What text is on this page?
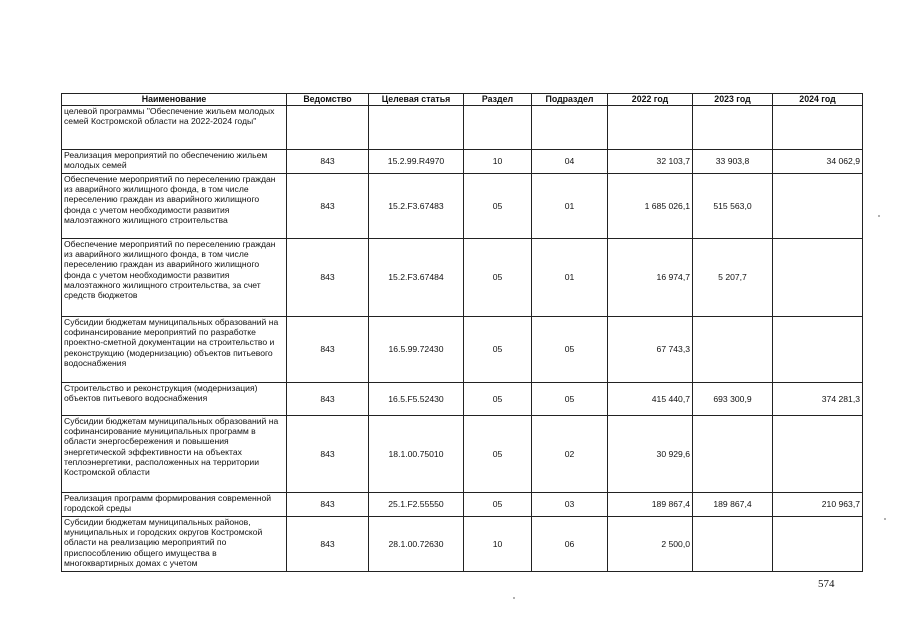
Наименование	Ведомство	Целевая статья	Раздел	Подраздел	2022 год	2023 год	2024 год
целевой программы "Обеспечение жильем молодых семей Костромской области на 2022-2024 годы"							
Реализация мероприятий по обеспечению жильем молодых семей	843	15.2.99.R4970	10	04	32 103,7	33 903,8	34 062,9
Обеспечение мероприятий по переселению граждан из аварийного жилищного фонда, в том числе переселению граждан из аварийного жилищного фонда с учетом необходимости развития малоэтажного жилищного строительства	843	15.2.F3.67483	05	01	1 685 026,1	515 563,0	
Обеспечение мероприятий по переселению граждан из аварийного жилищного фонда, в том числе переселению граждан из аварийного жилищного фонда с учетом необходимости развития малоэтажного жилищного строительства, за счет средств бюджетов	843	15.2.F3.67484	05	01	16 974,7	5 207,7	
Субсидии бюджетам муниципальных образований на софинансирование мероприятий по разработке проектно-сметной документации на строительство и реконструкцию (модернизацию) объектов питьевого водоснабжения	843	16.5.99.72430	05	05	67 743,3		
Строительство и реконструкция (модернизация) объектов питьевого водоснабжения	843	16.5.F5.52430	05	05	415 440,7	693 300,9	374 281,3
Субсидии бюджетам муниципальных образований на софинансирование муниципальных программ в области энергосбережения и повышения энергетической эффективности на объектах теплоэнергетики, расположенных на территории Костромской области	843	18.1.00.75010	05	02	30 929,6		
Реализация программ формирования современной городской среды	843	25.1.F2.55550	05	03	189 867,4	189 867,4	210 963,7
Субсидии бюджетам муниципальных районов, муниципальных и городских округов Костромской области на реализацию мероприятий по приспособлению общего имущества в многоквартирных домах с учетом	843	28.1.00.72630	10	06	2 500,0		
574
